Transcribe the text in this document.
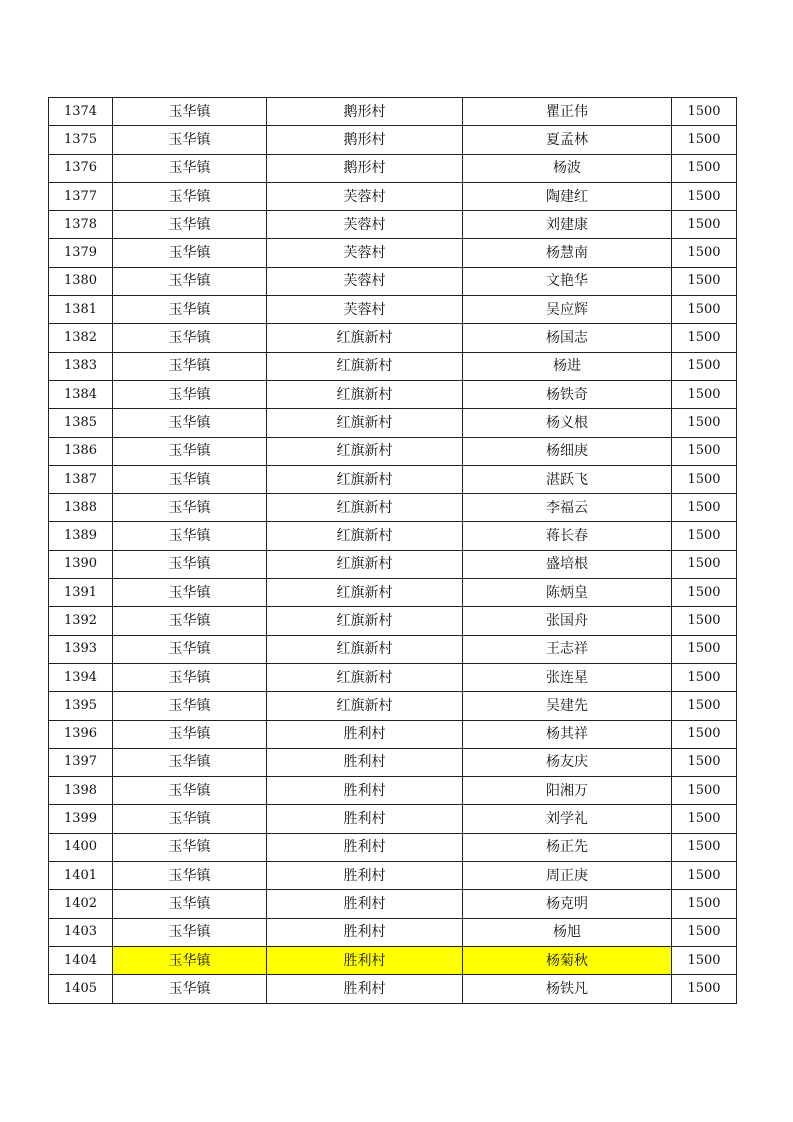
1374	玉华镇	鹅形村	瞿正伟	1500
1375	玉华镇	鹅形村	夏孟林	1500
1376	玉华镇	鹅形村	杨波	1500
1377	玉华镇	芙蓉村	陶建红	1500
1378	玉华镇	芙蓉村	刘建康	1500
1379	玉华镇	芙蓉村	杨慧南	1500
1380	玉华镇	芙蓉村	文艳华	1500
1381	玉华镇	芙蓉村	吴应辉	1500
1382	玉华镇	红旗新村	杨国志	1500
1383	玉华镇	红旗新村	杨进	1500
1384	玉华镇	红旗新村	杨铁奇	1500
1385	玉华镇	红旗新村	杨义根	1500
1386	玉华镇	红旗新村	杨细庚	1500
1387	玉华镇	红旗新村	湛跃飞	1500
1388	玉华镇	红旗新村	李福云	1500
1389	玉华镇	红旗新村	蒋长春	1500
1390	玉华镇	红旗新村	盛培根	1500
1391	玉华镇	红旗新村	陈炳皇	1500
1392	玉华镇	红旗新村	张国舟	1500
1393	玉华镇	红旗新村	王志祥	1500
1394	玉华镇	红旗新村	张连星	1500
1395	玉华镇	红旗新村	吴建先	1500
1396	玉华镇	胜利村	杨其祥	1500
1397	玉华镇	胜利村	杨友庆	1500
1398	玉华镇	胜利村	阳湘万	1500
1399	玉华镇	胜利村	刘学礼	1500
1400	玉华镇	胜利村	杨正先	1500
1401	玉华镇	胜利村	周正庚	1500
1402	玉华镇	胜利村	杨克明	1500
1403	玉华镇	胜利村	杨旭	1500
1404	玉华镇	胜利村	杨菊秋	1500
1405	玉华镇	胜利村	杨铁凡	1500
